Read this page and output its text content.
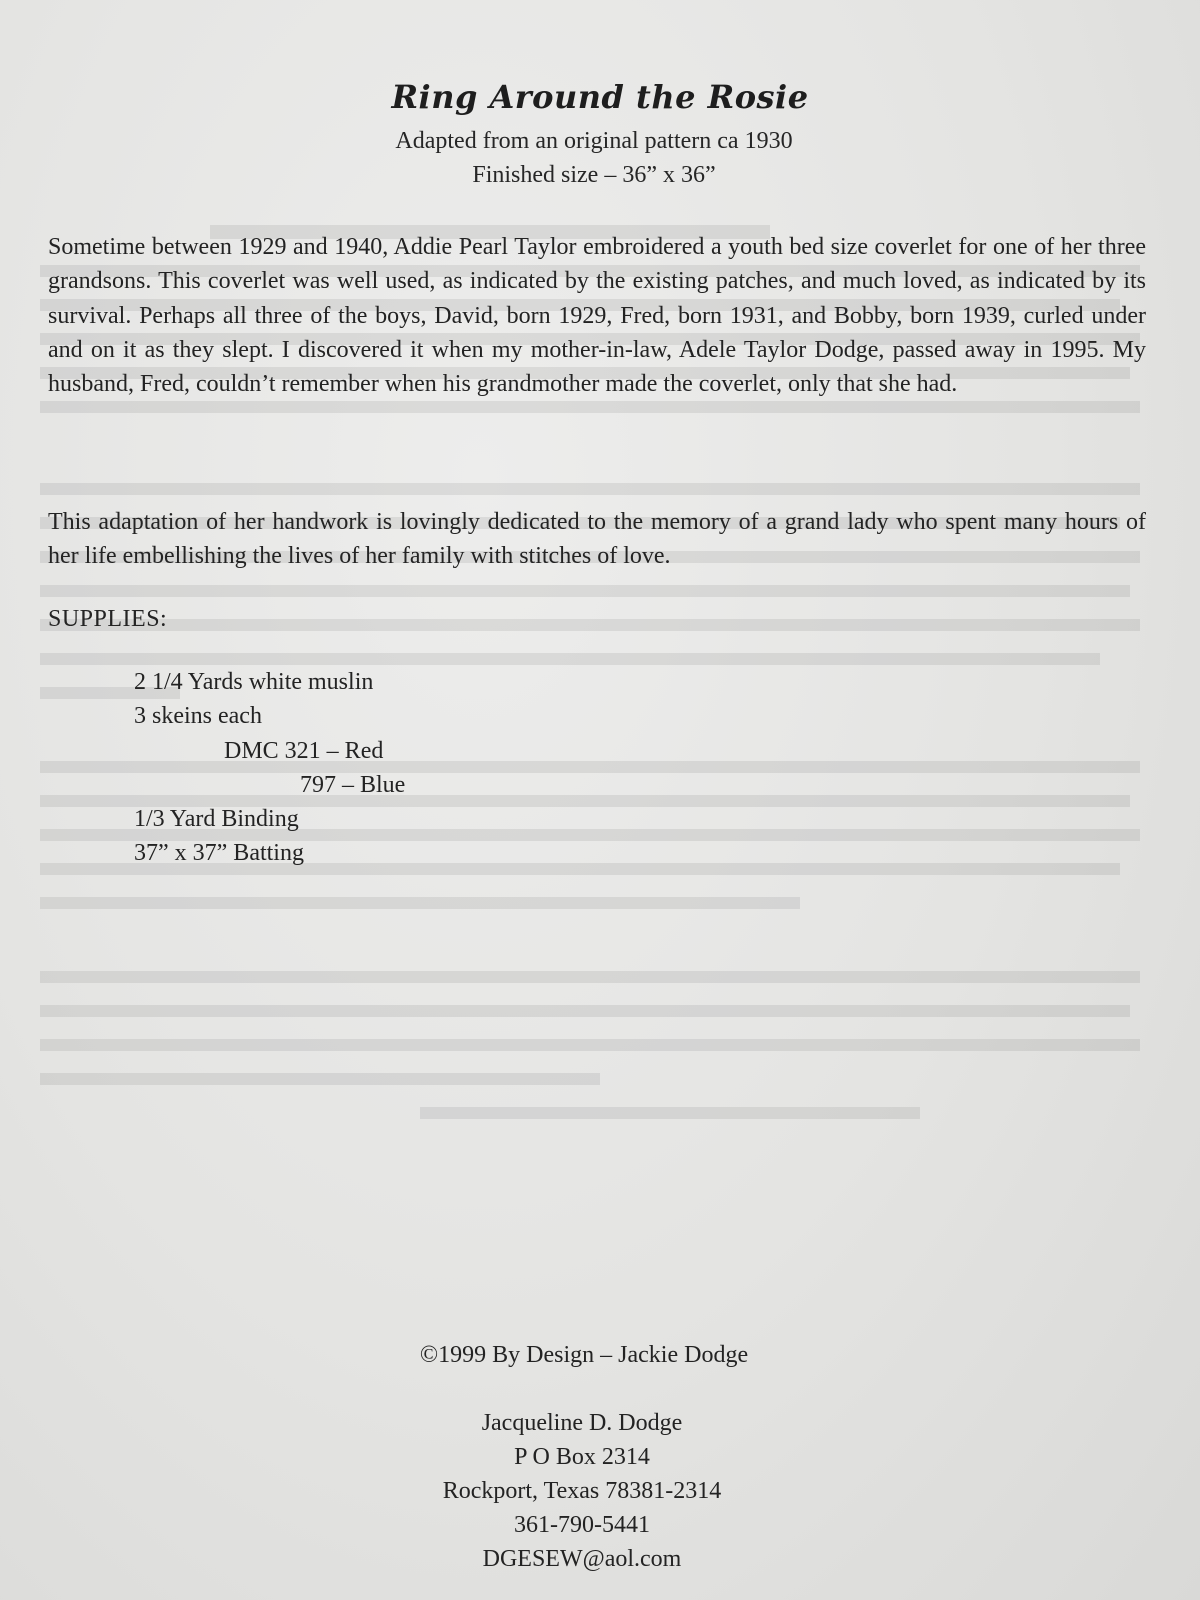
Ring Around the Rosie
Adapted from an original pattern ca 1930
Finished size – 36” x 36”
Sometime between 1929 and 1940, Addie Pearl Taylor embroidered a youth bed size coverlet for one of her three grandsons. This coverlet was well used, as indicated by the existing patches, and much loved, as indicated by its survival. Perhaps all three of the boys, David, born 1929, Fred, born 1931, and Bobby, born 1939, curled under and on it as they slept. I discovered it when my mother-in-law, Adele Taylor Dodge, passed away in 1995. My husband, Fred, couldn’t remember when his grandmother made the coverlet, only that she had.
This adaptation of her handwork is lovingly dedicated to the memory of a grand lady who spent many hours of her life embellishing the lives of her family with stitches of love.
SUPPLIES:
2 1/4 Yards white muslin
3 skeins each
DMC 321 – Red
797 – Blue
1/3 Yard Binding
37” x 37” Batting
©1999 By Design – Jackie Dodge
Jacqueline D. Dodge
P O Box 2314
Rockport, Texas 78381-2314
361-790-5441
DGESEW@aol.com
